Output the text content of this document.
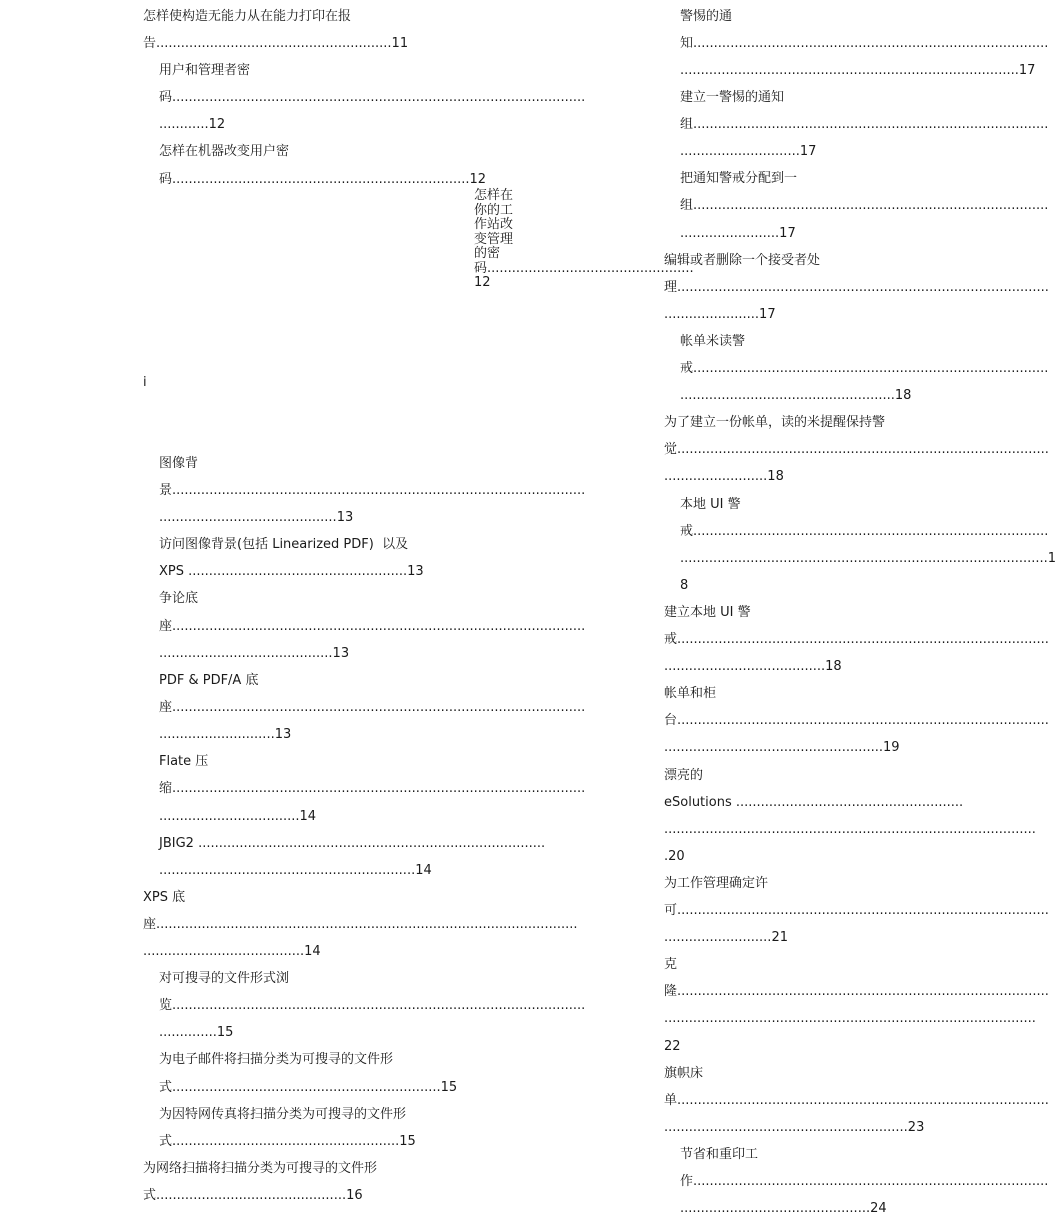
怎样使构造无能力从在能力打印在报
告.........................................................11
用户和管理者密
码....................................................................................................
............12
怎样在机器改变用户密
码........................................................................12
图像背
景....................................................................................................
...........................................13
访问图像背景(包括 Linearized PDF)  以及
XPS .....................................................13
争论底
座....................................................................................................
..........................................13
PDF & PDF/A 底
座....................................................................................................
............................13
Flate 压
缩....................................................................................................
..................................14
JBIG2 ....................................................................................
..............................................................14
XPS 底
座......................................................................................................
.......................................14
对可搜寻的文件形式浏
览....................................................................................................
..............15
为电子邮件将扫描分类为可搜寻的文件形
式.................................................................15
为因特网传真将扫描分类为可搜寻的文件形
式.......................................................15
为网络扫描将扫描分类为可搜寻的文件形
式..............................................16
怎样在你的工作站改变管理的密码..................................................12
i
警惕的通
知......................................................................................
..................................................................................17
建立一警惕的通知
组......................................................................................
.............................17
把通知警戒分配到一
组......................................................................................
........................17
编辑或者删除一个接受者处
理..........................................................................................
.......................17
帐单米读警
戒......................................................................................
....................................................18
为了建立一份帐单，读的米提醒保持警
觉..........................................................................................
.........................18
本地 UI 警
戒......................................................................................
.........................................................................................1
8
建立本地 UI 警
戒..........................................................................................
.......................................18
帐单和柜
台..........................................................................................
.....................................................19
漂亮的
eSolutions .......................................................
..........................................................................................
.20
为工作管理确定许
可..........................................................................................
..........................21
克
隆..........................................................................................
..........................................................................................
22
旗帜床
单..........................................................................................
...........................................................23
节省和重印工
作......................................................................................
..............................................24
